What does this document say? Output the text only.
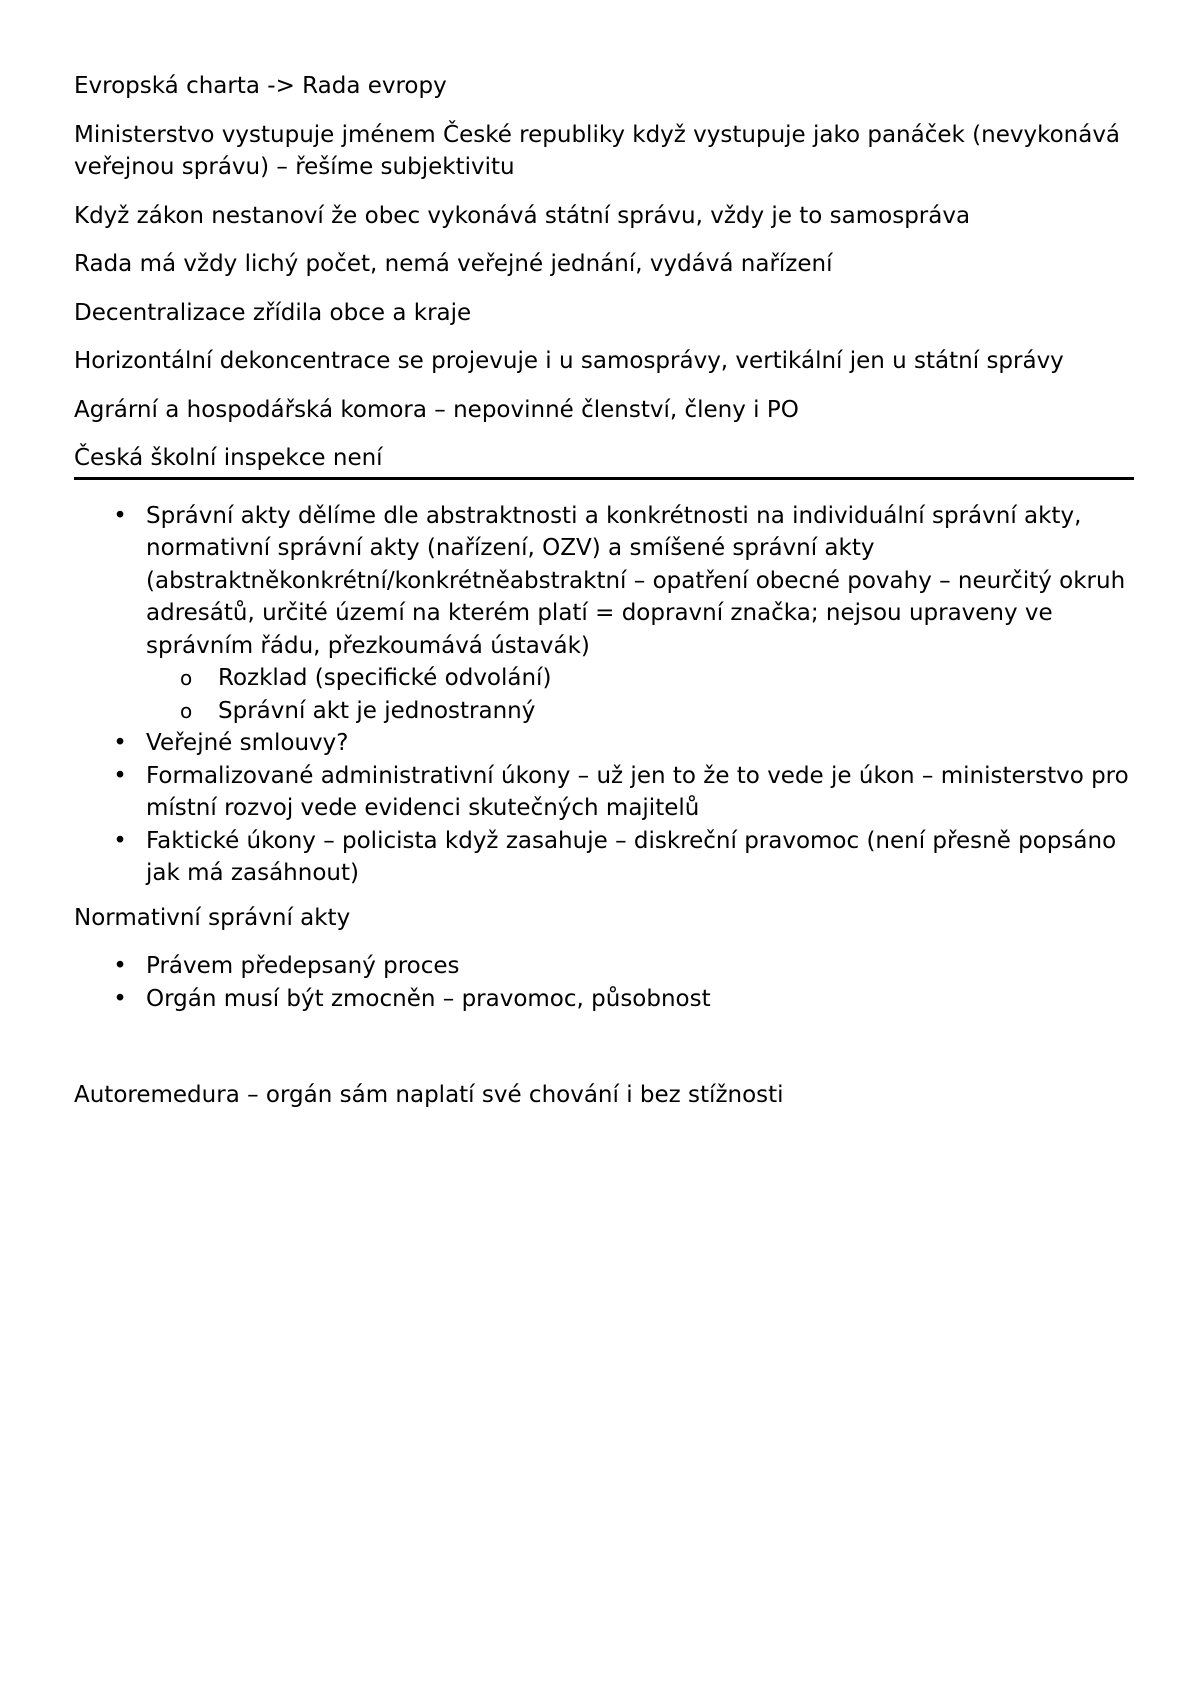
Evropská charta -> Rada evropy

Ministerstvo vystupuje jménem České republiky když vystupuje jako panáček (nevykonává veřejnou správu) – řešíme subjektivitu

Když zákon nestanoví že obec vykonává státní správu, vždy je to samospráva

Rada má vždy lichý počet, nemá veřejné jednání, vydává nařízení

Decentralizace zřídila obce a kraje

Horizontální dekoncentrace se projevuje i u samosprávy, vertikální jen u státní správy

Agrární a hospodářská komora – nepovinné členství, členy i PO

Česká školní inspekce není

• Správní akty dělíme dle abstraktnosti a konkrétnosti na individuální správní akty, normativní správní akty (nařízení, OZV) a smíšené správní akty (abstraktněkonkrétní/konkrétněabstraktní – opatření obecné povahy – neurčitý okruh adresátů, určité území na kterém platí = dopravní značka; nejsou upraveny ve správním řádu, přezkoumává ústavák)
o Rozklad (specifické odvolání)
o Správní akt je jednostranný
• Veřejné smlouvy?
• Formalizované administrativní úkony – už jen to že to vede je úkon – ministerstvo pro místní rozvoj vede evidenci skutečných majitelů
• Faktické úkony – policista když zasahuje – diskreční pravomoc (není přesně popsáno jak má zasáhnout)

Normativní správní akty

• Právem předepsaný proces
• Orgán musí být zmocněn – pravomoc, působnost

Autoremedura – orgán sám naplatí své chování i bez stížnosti
